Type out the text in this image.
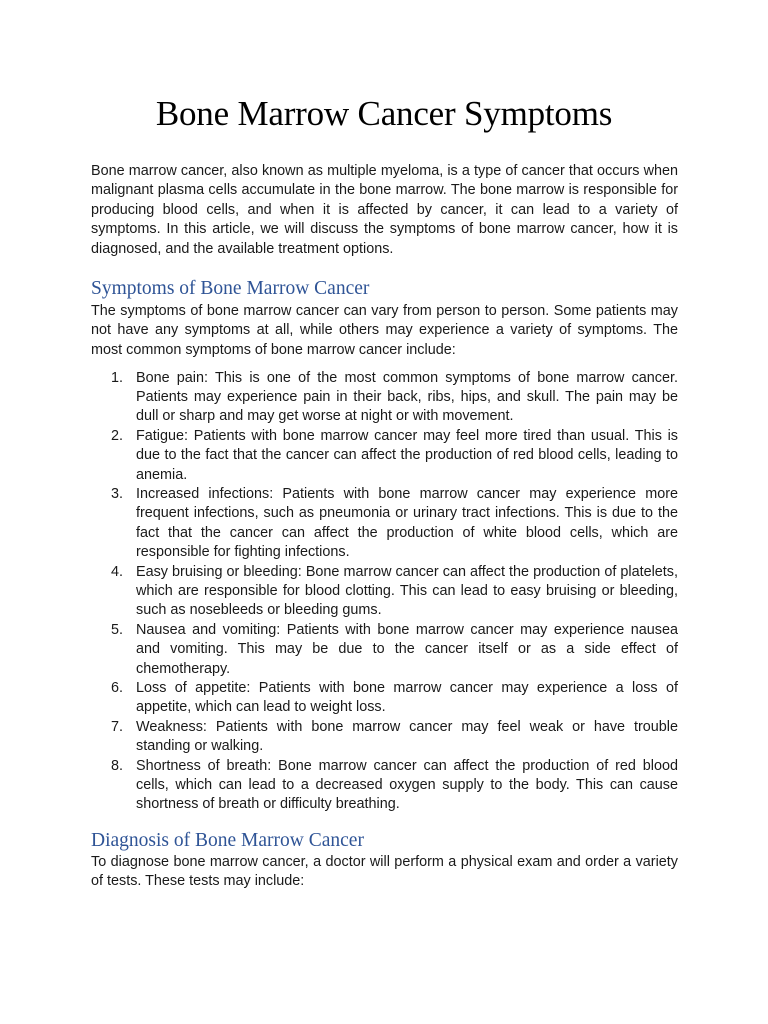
Bone Marrow Cancer Symptoms

Bone marrow cancer, also known as multiple myeloma, is a type of cancer that occurs when malignant plasma cells accumulate in the bone marrow. The bone marrow is responsible for producing blood cells, and when it is affected by cancer, it can lead to a variety of symptoms. In this article, we will discuss the symptoms of bone marrow cancer, how it is diagnosed, and the available treatment options.

Symptoms of Bone Marrow Cancer

The symptoms of bone marrow cancer can vary from person to person. Some patients may not have any symptoms at all, while others may experience a variety of symptoms. The most common symptoms of bone marrow cancer include:

1. Bone pain: This is one of the most common symptoms of bone marrow cancer. Patients may experience pain in their back, ribs, hips, and skull. The pain may be dull or sharp and may get worse at night or with movement.
2. Fatigue: Patients with bone marrow cancer may feel more tired than usual. This is due to the fact that the cancer can affect the production of red blood cells, leading to anemia.
3. Increased infections: Patients with bone marrow cancer may experience more frequent infections, such as pneumonia or urinary tract infections. This is due to the fact that the cancer can affect the production of white blood cells, which are responsible for fighting infections.
4. Easy bruising or bleeding: Bone marrow cancer can affect the production of platelets, which are responsible for blood clotting. This can lead to easy bruising or bleeding, such as nosebleeds or bleeding gums.
5. Nausea and vomiting: Patients with bone marrow cancer may experience nausea and vomiting. This may be due to the cancer itself or as a side effect of chemotherapy.
6. Loss of appetite: Patients with bone marrow cancer may experience a loss of appetite, which can lead to weight loss.
7. Weakness: Patients with bone marrow cancer may feel weak or have trouble standing or walking.
8. Shortness of breath: Bone marrow cancer can affect the production of red blood cells, which can lead to a decreased oxygen supply to the body. This can cause shortness of breath or difficulty breathing.
Diagnosis of Bone Marrow Cancer

To diagnose bone marrow cancer, a doctor will perform a physical exam and order a variety of tests. These tests may include:
